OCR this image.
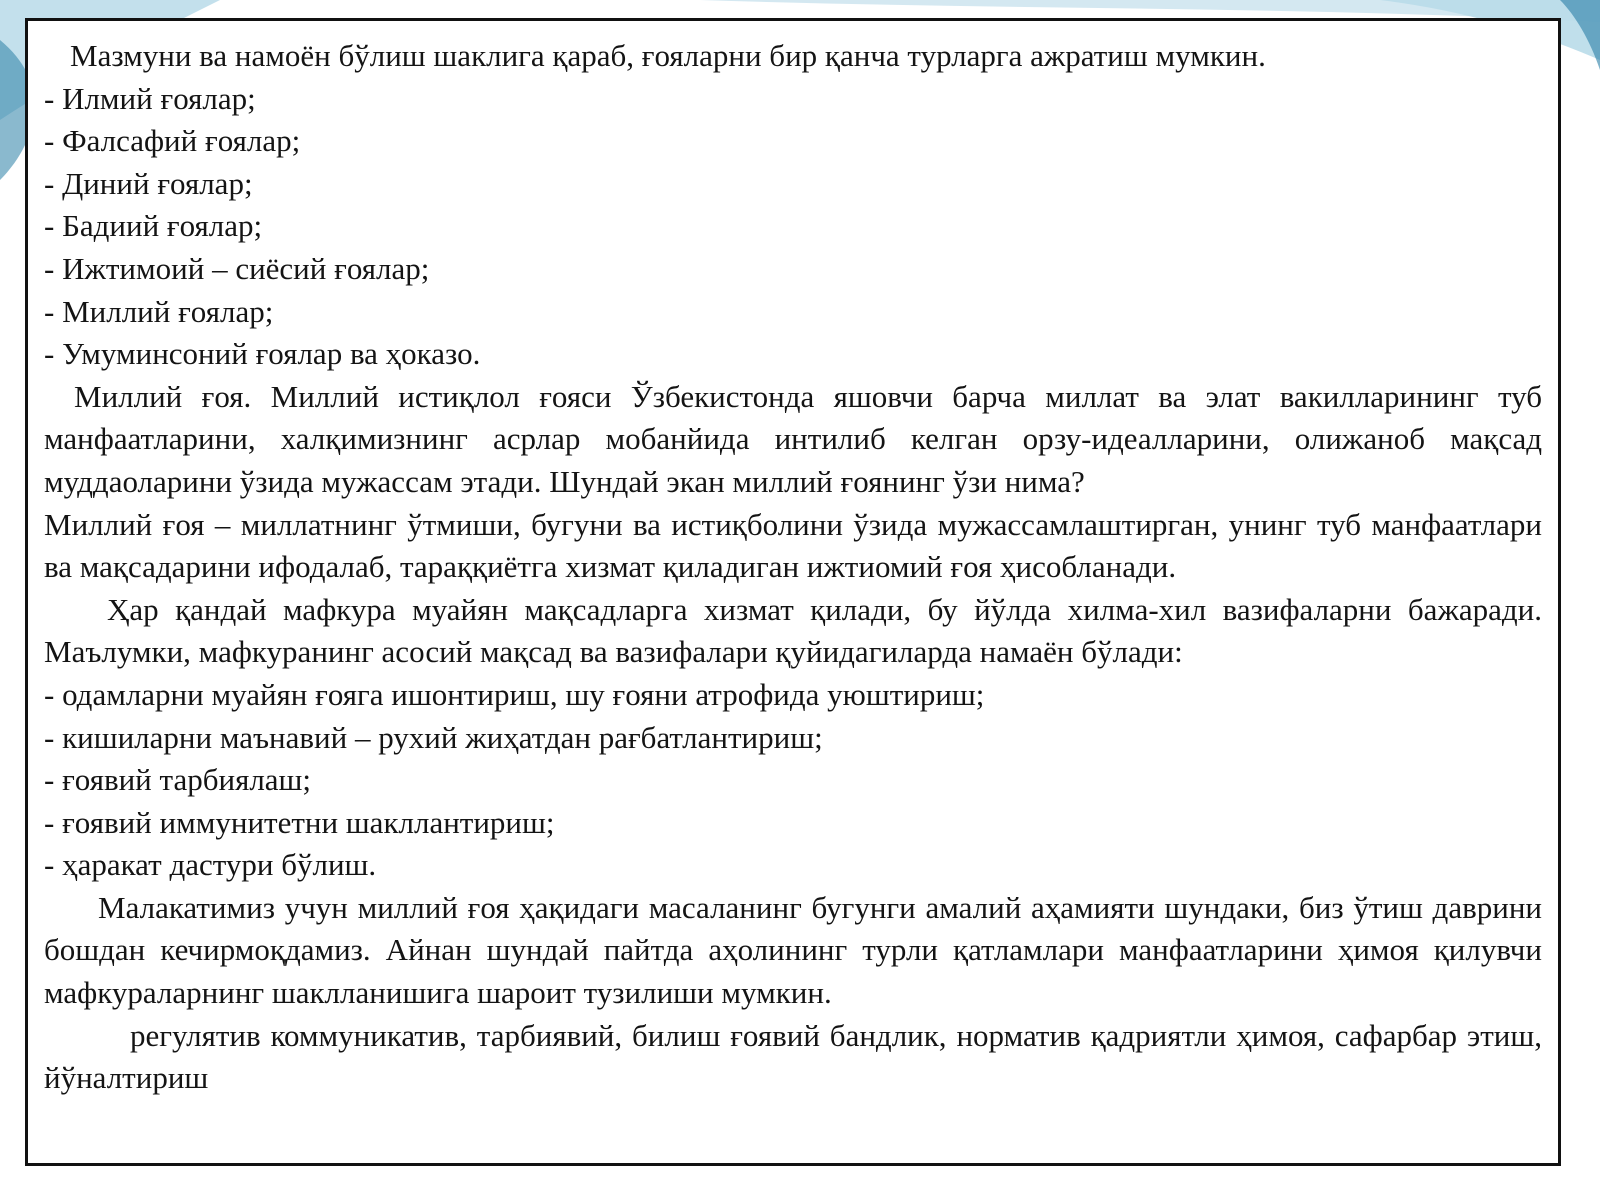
Мазмуни ва намоён бўлиш шаклига қараб, ғояларни бир қанча турларга ажратиш мумкин.

- Илмий ғоялар;

- Фалсафий ғоялар;

- Диний ғоялар;

- Бадиий ғоялар;

- Ижтимоий – сиёсий ғоялар;

- Миллий ғоялар;

- Умуминсоний ғоялар ва ҳоказо.

Миллий ғоя. Миллий истиқлол ғояси Ўзбекистонда яшовчи барча миллат ва элат вакилларининг туб манфаатларини, халқимизнинг асрлар мобанйида интилиб келган орзу-идеалларини, олижаноб мақсад муддаоларини ўзида мужассам этади. Шундай экан миллий ғоянинг ўзи нима?

Миллий ғоя – миллатнинг ўтмиши, бугуни ва истиқболини ўзида мужассамлаштирган, унинг туб манфаатлари ва мақсадарини ифодалаб, тараққиётга хизмат қиладиган ижтиомий ғоя ҳисобланади.

Ҳар қандай мафкура муайян мақсадларга хизмат қилади, бу йўлда хилма-хил вазифаларни бажаради. Маълумки, мафкуранинг асосий мақсад ва вазифалари қуйидагиларда намаён бўлади:

- одамларни муайян ғояга ишонтириш, шу ғояни атрофида уюштириш;

- кишиларни маънавий – рухий жиҳатдан рағбатлантириш;

- ғоявий тарбиялаш;

- ғоявий иммунитетни шакллантириш;

- ҳаракат дастури бўлиш.

Малакатимиз учун миллий ғоя ҳақидаги масаланинг бугунги амалий аҳамияти шундаки, биз ўтиш даврини бошдан кечирмоқдамиз. Айнан шундай пайтда аҳолининг турли қатламлари манфаатларини ҳимоя қилувчи мафкураларнинг шаклланишига шароит тузилиши мумкин.

регулятив коммуникатив, тарбиявий, билиш ғоявий бандлик, норматив қадриятли ҳимоя, сафарбар этиш, йўналтириш
